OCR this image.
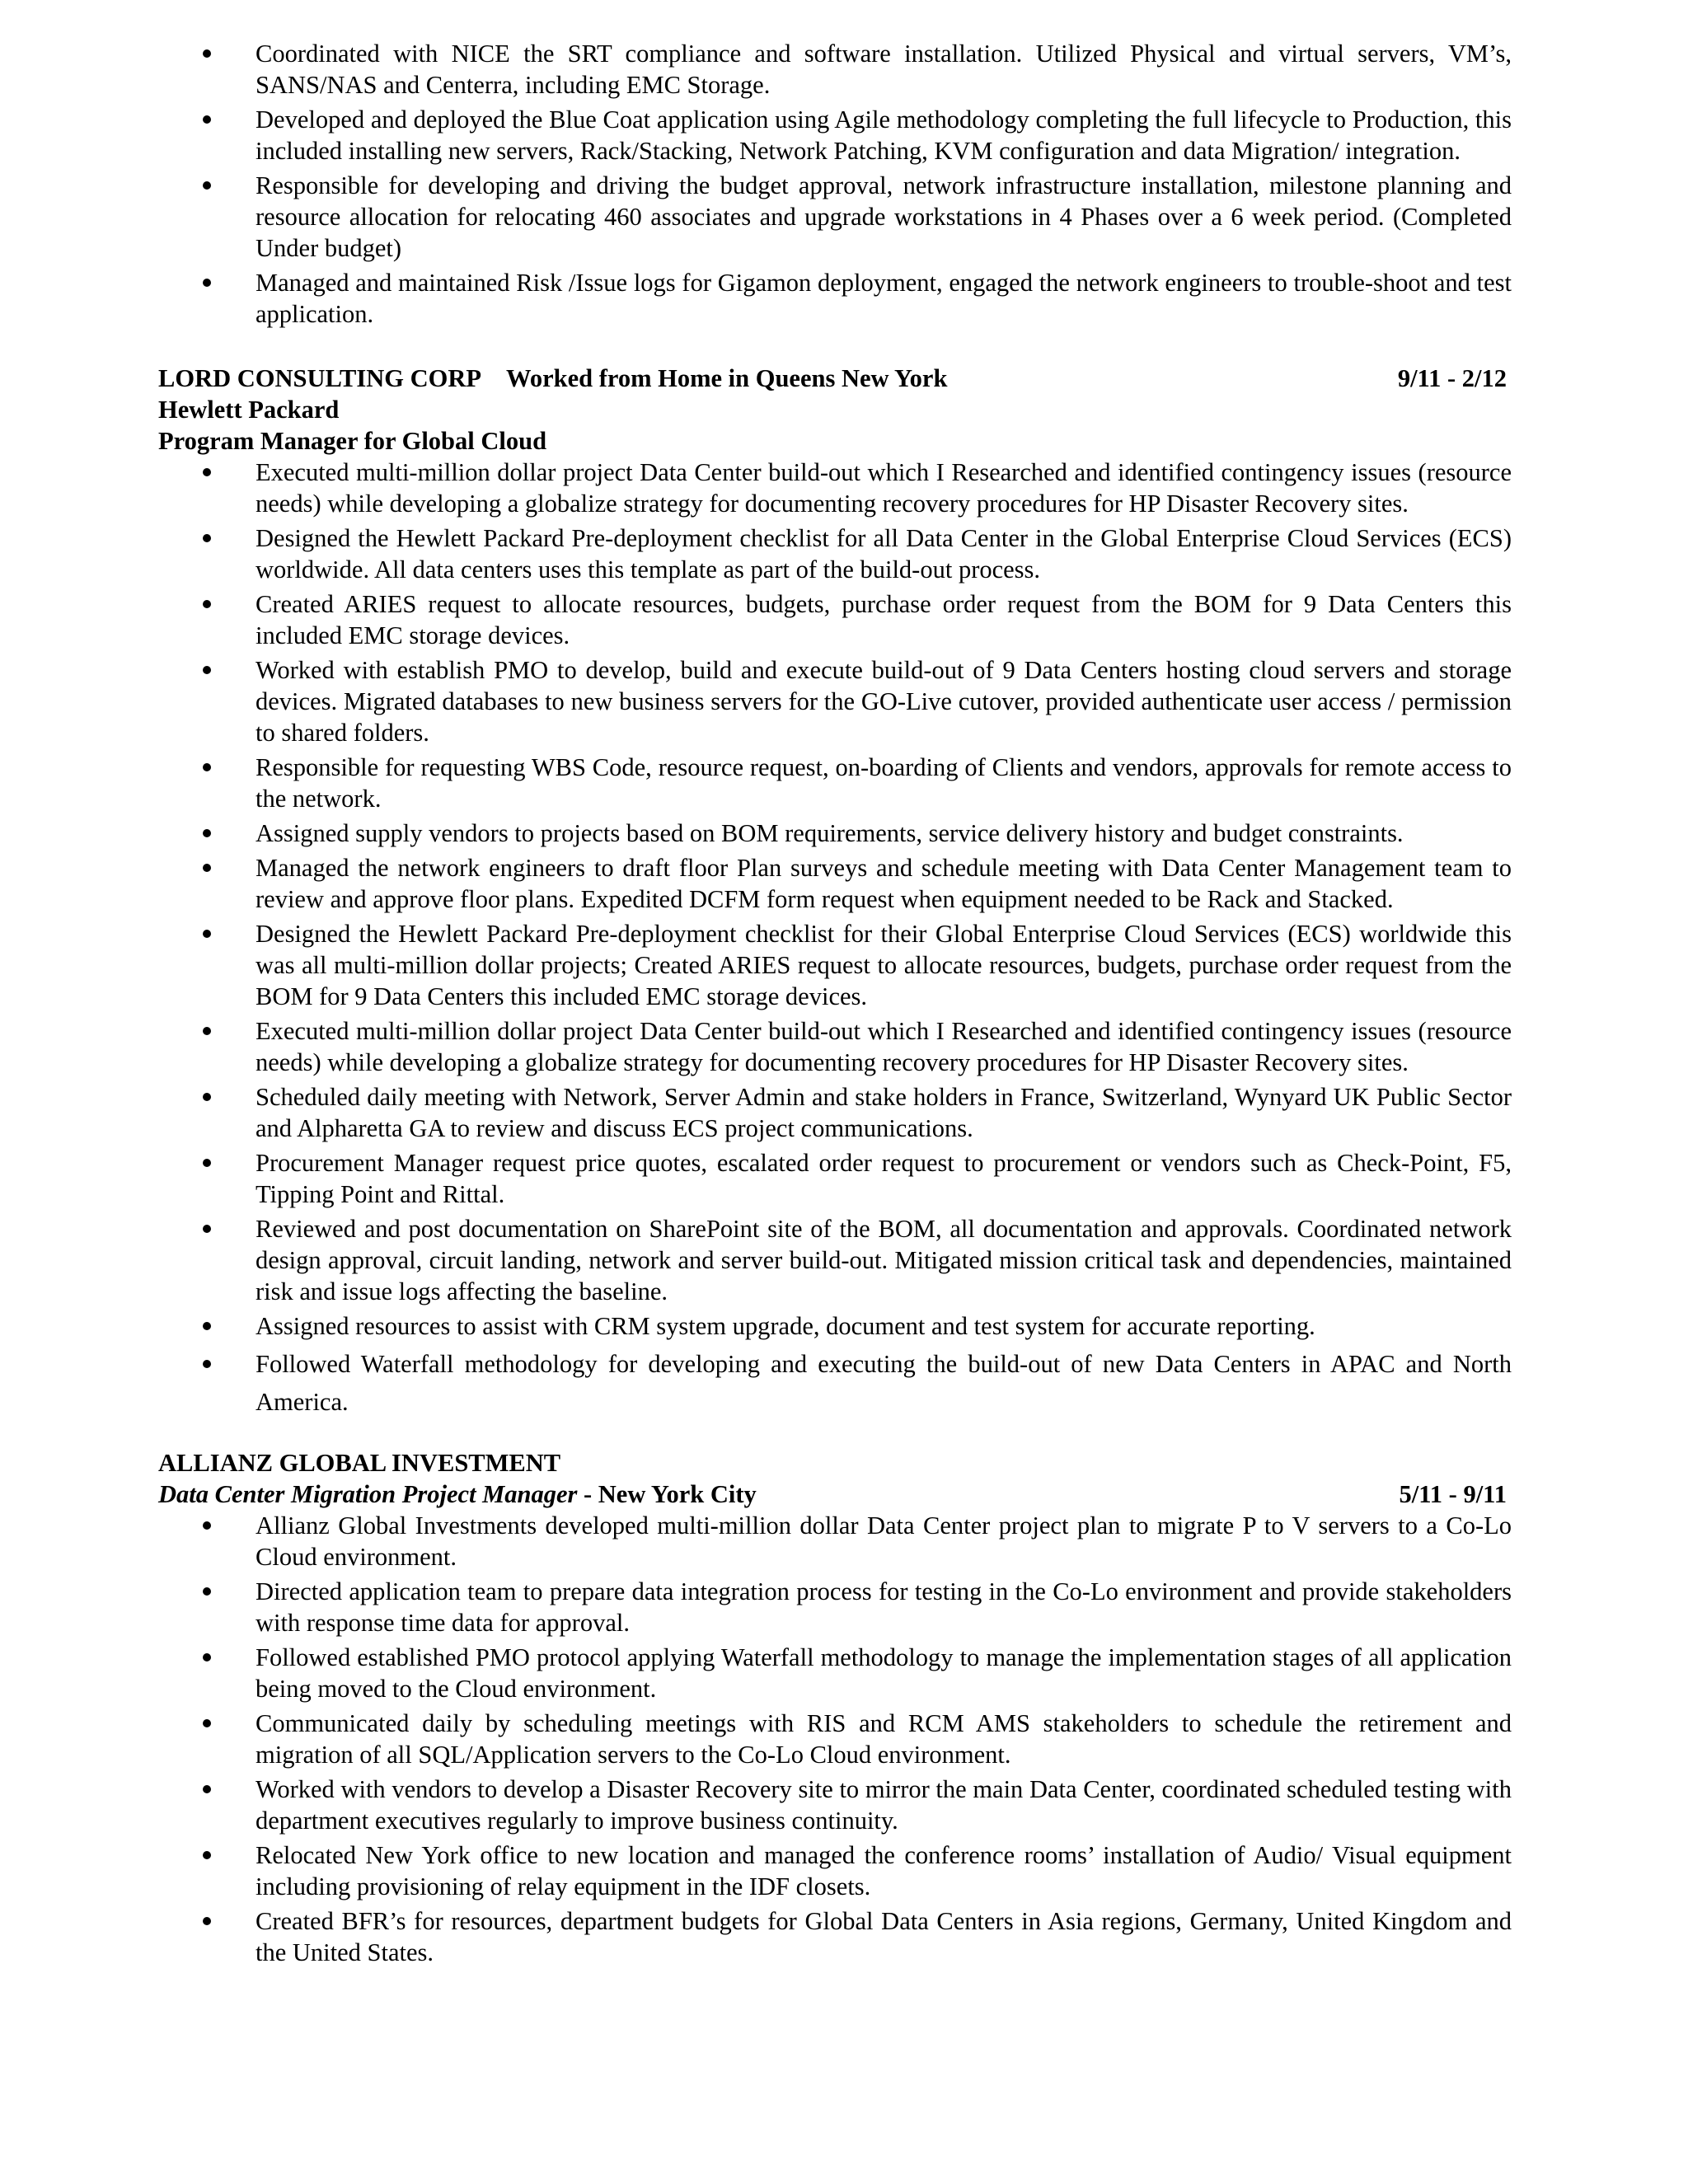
Coordinated with NICE the SRT compliance and software installation. Utilized Physical and virtual servers, VM’s, SANS/NAS and Centerra, including EMC Storage.
Developed and deployed the Blue Coat application using Agile methodology completing the full lifecycle to Production, this included installing new servers, Rack/Stacking, Network Patching, KVM configuration and data Migration/ integration.
Responsible for developing and driving the budget approval, network infrastructure installation, milestone planning and resource allocation for relocating 460 associates and upgrade workstations in 4 Phases over a 6 week period. (Completed Under budget)
Managed and maintained Risk /Issue logs for Gigamon deployment, engaged the network engineers to trouble-shoot and test application.
LORD CONSULTING CORP Worked from Home in Queens New York	9/11 - 2/12
Hewlett Packard
Program Manager for Global Cloud
Executed multi-million dollar project Data Center build-out which I Researched and identified contingency issues (resource needs) while developing a globalize strategy for documenting recovery procedures for HP Disaster Recovery sites.
Designed the Hewlett Packard Pre-deployment checklist for all Data Center in the Global Enterprise Cloud Services (ECS) worldwide. All data centers uses this template as part of the build-out process.
Created ARIES request to allocate resources, budgets, purchase order request from the BOM for 9 Data Centers this included EMC storage devices.
Worked with establish PMO to develop, build and execute build-out of 9 Data Centers hosting cloud servers and storage devices. Migrated databases to new business servers for the GO-Live cutover, provided authenticate user access / permission to shared folders.
Responsible for requesting WBS Code, resource request, on-boarding of Clients and vendors, approvals for remote access to the network.
Assigned supply vendors to projects based on BOM requirements, service delivery history and budget constraints.
Managed the network engineers to draft floor Plan surveys and schedule meeting with Data Center Management team to review and approve floor plans. Expedited DCFM form request when equipment needed to be Rack and Stacked.
Designed the Hewlett Packard Pre-deployment checklist for their Global Enterprise Cloud Services (ECS) worldwide this was all multi-million dollar projects; Created ARIES request to allocate resources, budgets, purchase order request from the BOM for 9 Data Centers this included EMC storage devices.
Executed multi-million dollar project Data Center build-out which I Researched and identified contingency issues (resource needs) while developing a globalize strategy for documenting recovery procedures for HP Disaster Recovery sites.
Scheduled daily meeting with Network, Server Admin and stake holders in France, Switzerland, Wynyard UK Public Sector and Alpharetta GA to review and discuss ECS project communications.
Procurement Manager request price quotes, escalated order request to procurement or vendors such as Check-Point, F5, Tipping Point and Rittal.
Reviewed and post documentation on SharePoint site of the BOM, all documentation and approvals. Coordinated network design approval, circuit landing, network and server build-out. Mitigated mission critical task and dependencies, maintained risk and issue logs affecting the baseline.
Assigned resources to assist with CRM system upgrade, document and test system for accurate reporting.
Followed Waterfall methodology for developing and executing the build-out of new Data Centers in APAC and North America.
ALLIANZ GLOBAL INVESTMENT
Data Center Migration Project Manager - New York City	5/11 - 9/11
Allianz Global Investments developed multi-million dollar Data Center project plan to migrate P to V servers to a Co-Lo Cloud environment.
Directed application team to prepare data integration process for testing in the Co-Lo environment and provide stakeholders with response time data for approval.
Followed established PMO protocol applying Waterfall methodology to manage the implementation stages of all application being moved to the Cloud environment.
Communicated daily by scheduling meetings with RIS and RCM AMS stakeholders to schedule the retirement and migration of all SQL/Application servers to the Co-Lo Cloud environment.
Worked with vendors to develop a Disaster Recovery site to mirror the main Data Center, coordinated scheduled testing with department executives regularly to improve business continuity.
Relocated New York office to new location and managed the conference rooms’ installation of Audio/ Visual equipment including provisioning of relay equipment in the IDF closets.
Created BFR’s for resources, department budgets for Global Data Centers in Asia regions, Germany, United Kingdom and the United States.
